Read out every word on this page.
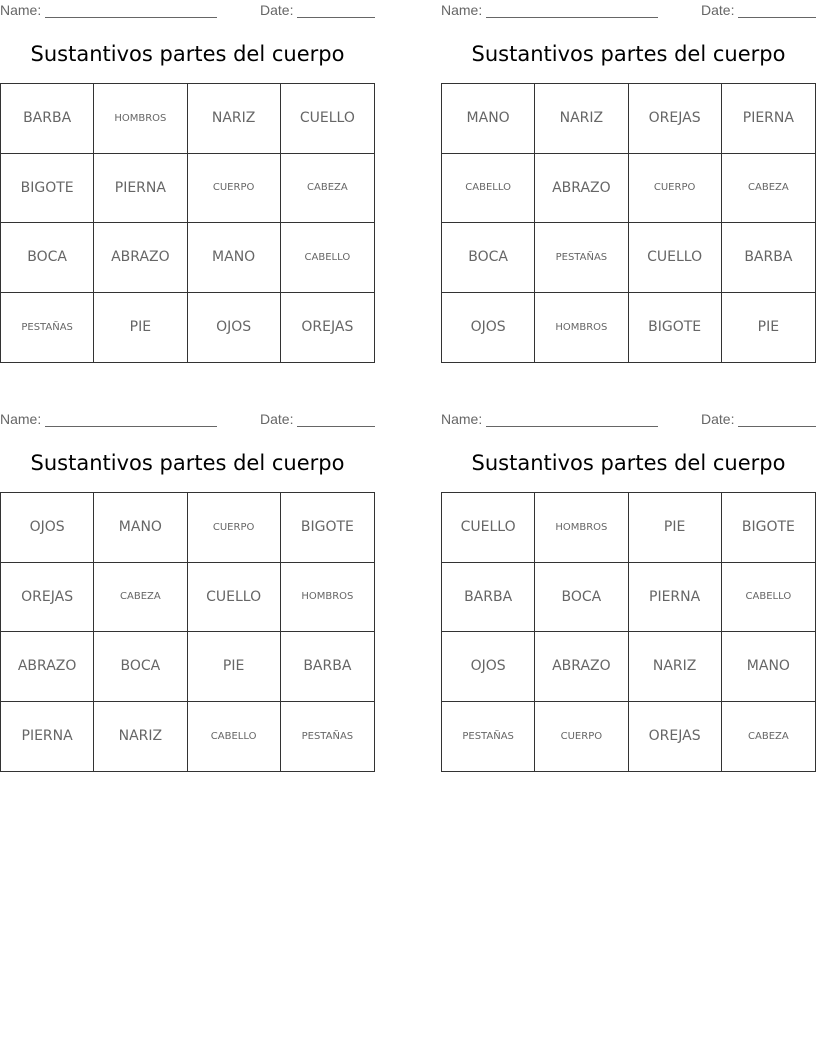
Name:	Date:
Sustantivos partes del cuerpo
BARBA	HOMBROS	NARIZ	CUELLO
BIGOTE	PIERNA	CUERPO	CABEZA
BOCA	ABRAZO	MANO	CABELLO
PESTAÑAS	PIE	OJOS	OREJAS
Name:	Date:
Sustantivos partes del cuerpo
MANO	NARIZ	OREJAS	PIERNA
CABELLO	ABRAZO	CUERPO	CABEZA
BOCA	PESTAÑAS	CUELLO	BARBA
OJOS	HOMBROS	BIGOTE	PIE
Name:	Date:
Sustantivos partes del cuerpo
OJOS	MANO	CUERPO	BIGOTE
OREJAS	CABEZA	CUELLO	HOMBROS
ABRAZO	BOCA	PIE	BARBA
PIERNA	NARIZ	CABELLO	PESTAÑAS
Name:	Date:
Sustantivos partes del cuerpo
CUELLO	HOMBROS	PIE	BIGOTE
BARBA	BOCA	PIERNA	CABELLO
OJOS	ABRAZO	NARIZ	MANO
PESTAÑAS	CUERPO	OREJAS	CABEZA
